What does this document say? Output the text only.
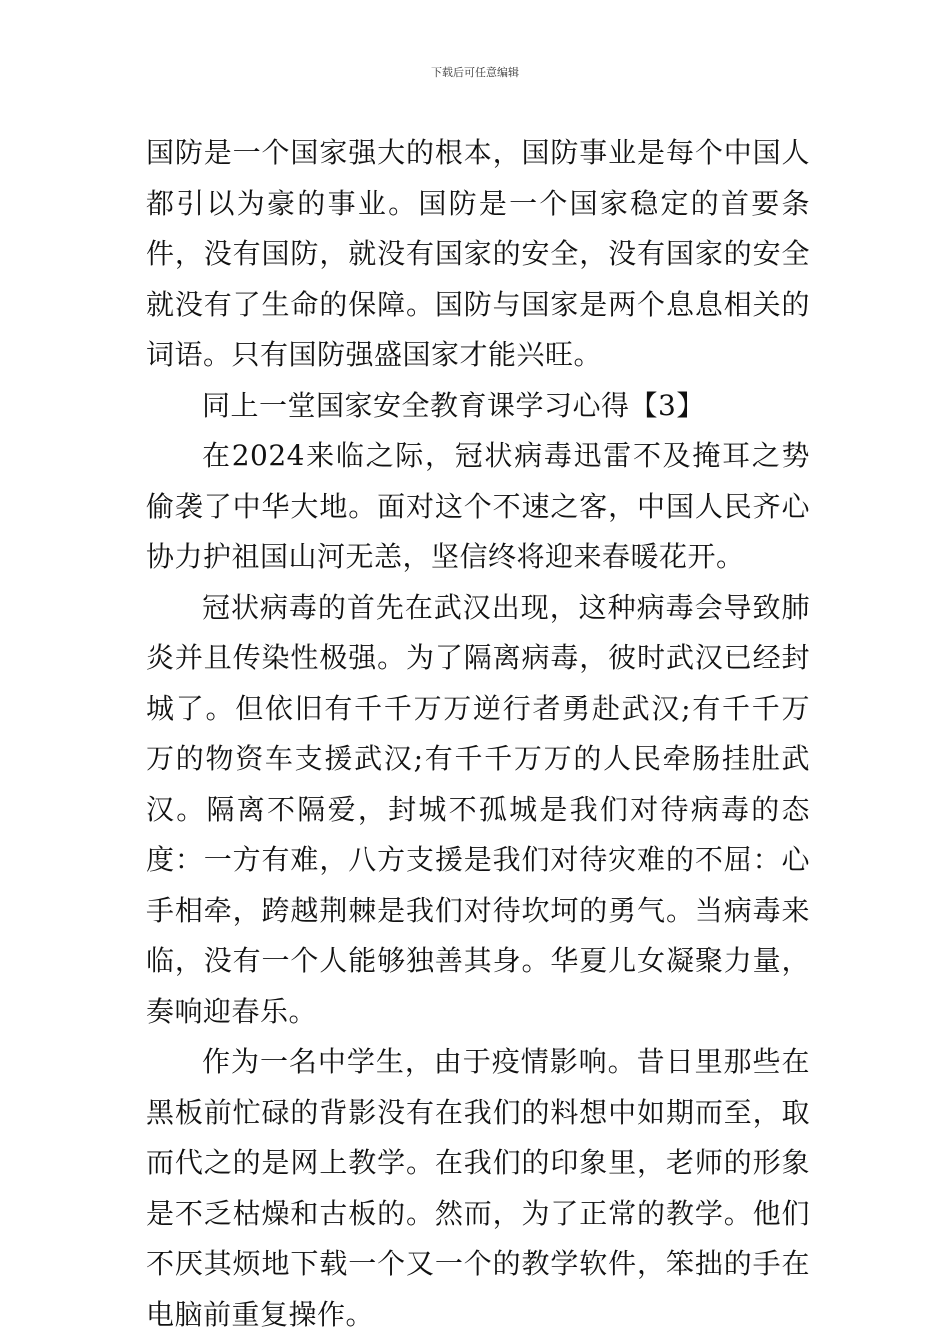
下载后可任意编辑

国防是一个国家强大的根本，国防事业是每个中国人都引以为豪的事业。国防是一个国家稳定的首要条件，没有国防，就没有国家的安全，没有国家的安全就没有了生命的保障。国防与国家是两个息息相关的词语。只有国防强盛国家才能兴旺。

同上一堂国家安全教育课学习心得【3】

在2024来临之际，冠状病毒迅雷不及掩耳之势偷袭了中华大地。面对这个不速之客，中国人民齐心协力护祖国山河无恙，坚信终将迎来春暖花开。

冠状病毒的首先在武汉出现，这种病毒会导致肺炎并且传染性极强。为了隔离病毒，彼时武汉已经封城了。但依旧有千千万万逆行者勇赴武汉;有千千万万的物资车支援武汉;有千千万万的人民牵肠挂肚武汉。隔离不隔爱，封城不孤城是我们对待病毒的态度：一方有难，八方支援是我们对待灾难的不屈：心手相牵，跨越荆棘是我们对待坎坷的勇气。当病毒来临，没有一个人能够独善其身。华夏儿女凝聚力量，奏响迎春乐。

作为一名中学生，由于疫情影响。昔日里那些在黑板前忙碌的背影没有在我们的料想中如期而至，取而代之的是网上教学。在我们的印象里，老师的形象是不乏枯燥和古板的。然而，为了正常的教学。他们不厌其烦地下载一个又一个的教学软件，笨拙的手在电脑前重复操作。
